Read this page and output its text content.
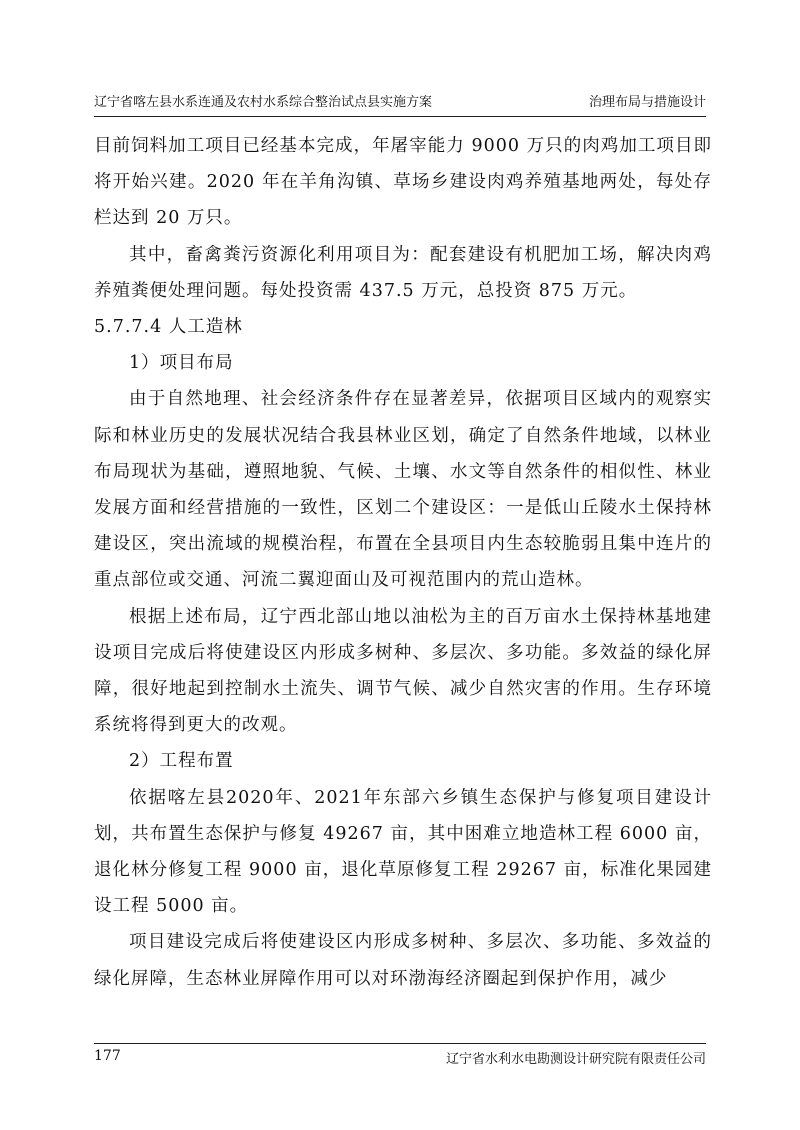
辽宁省喀左县水系连通及农村水系综合整治试点县实施方案	治理布局与措施设计

目前饲料加工项目已经基本完成，年屠宰能力 9000 万只的肉鸡加工项目即将开始兴建。2020 年在羊角沟镇、草场乡建设肉鸡养殖基地两处，每处存栏达到 20 万只。

其中，畜禽粪污资源化利用项目为：配套建设有机肥加工场，解决肉鸡养殖粪便处理问题。每处投资需 437.5 万元，总投资 875 万元。

5.7.7.4 人工造林

1）项目布局

由于自然地理、社会经济条件存在显著差异，依据项目区域内的观察实际和林业历史的发展状况结合我县林业区划，确定了自然条件地域，以林业布局现状为基础，遵照地貌、气候、土壤、水文等自然条件的相似性、林业发展方面和经营措施的一致性，区划二个建设区：一是低山丘陵水土保持林建设区，突出流域的规模治程，布置在全县项目内生态较脆弱且集中连片的重点部位或交通、河流二翼迎面山及可视范围内的荒山造林。

根据上述布局，辽宁西北部山地以油松为主的百万亩水土保持林基地建设项目完成后将使建设区内形成多树种、多层次、多功能。多效益的绿化屏障，很好地起到控制水土流失、调节气候、减少自然灾害的作用。生存环境系统将得到更大的改观。

2）工程布置

依据喀左县2020年、2021年东部六乡镇生态保护与修复项目建设计划，共布置生态保护与修复 49267 亩，其中困难立地造林工程 6000 亩，退化林分修复工程 9000 亩，退化草原修复工程 29267 亩，标准化果园建设工程 5000 亩。

项目建设完成后将使建设区内形成多树种、多层次、多功能、多效益的绿化屏障，生态林业屏障作用可以对环渤海经济圈起到保护作用，减少

177	辽宁省水利水电勘测设计研究院有限责任公司
